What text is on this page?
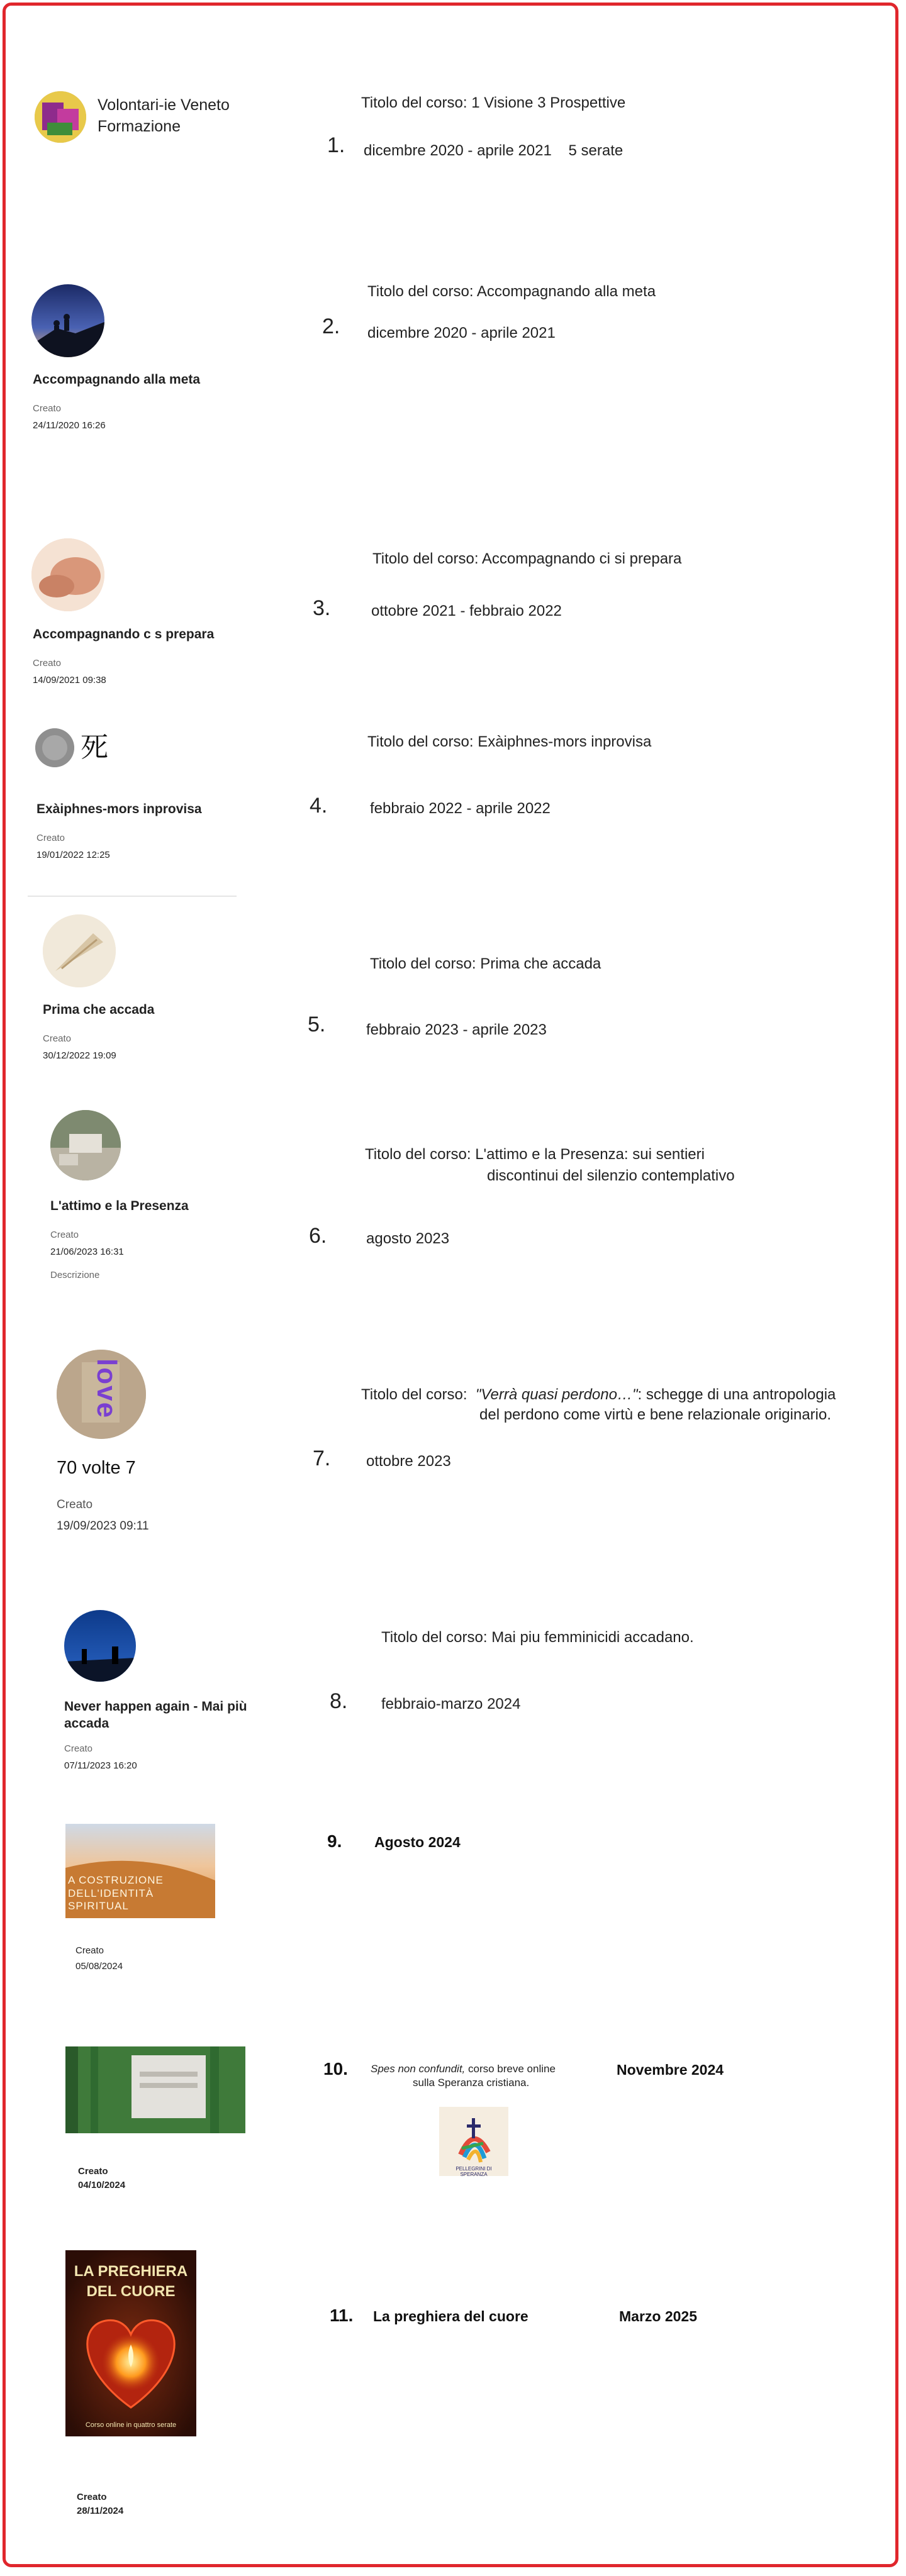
Volontari-ie Veneto Formazione
Titolo del corso: 1 Visione 3 Prospettive
1. dicembre 2020 - aprile 2021 5 serate
Accompagnando alla meta
Creato
24/11/2020 16:26
Titolo del corso: Accompagnando alla meta
2. dicembre 2020 - aprile 2021
Accompagnando c s prepara
Creato
14/09/2021 09:38
Titolo del corso: Accompagnando ci si prepara
3.	ottobre 2021 - febbraio 2022
死
Exàiphnes-mors inprovisa
Creato
19/01/2022 12:25
Titolo del corso: Exàiphnes-mors inprovisa
4.	febbraio 2022 - aprile 2022
Prima che accada
Creato
30/12/2022 19:09
Titolo del corso: Prima che accada
5.	febbraio 2023 - aprile 2023
L'attimo e la Presenza
Creato
21/06/2023 16:31
Descrizione
Titolo del corso: L'attimo e la Presenza: sui sentieri
discontinui del silenzio contemplativo
6.	agosto 2023
love
70 volte 7
Creato
19/09/2023 09:11
Titolo del corso: "Verrà quasi perdono…": schegge di una antropologia
del perdono come virtù e bene relazionale originario.
7. ottobre 2023
Never happen again - Mai più accada
Creato
07/11/2023 16:20
Titolo del corso: Mai piu femminicidi accadano.
8. febbraio-marzo 2024
A COSTRUZIONE
DELL'IDENTITÀ SPIRITUAL
Creato
05/08/2024
9. Agosto 2024
Creato
04/10/2024
10. Spes non confundit, corso breve online
sulla Speranza cristiana.
Novembre 2024
PELLEGRINI DI SPERANZA
LA PREGHIERA
DEL CUORE
Corso online in quattro serate
Creato
28/11/2024
11. La preghiera del cuore	Marzo 2025
